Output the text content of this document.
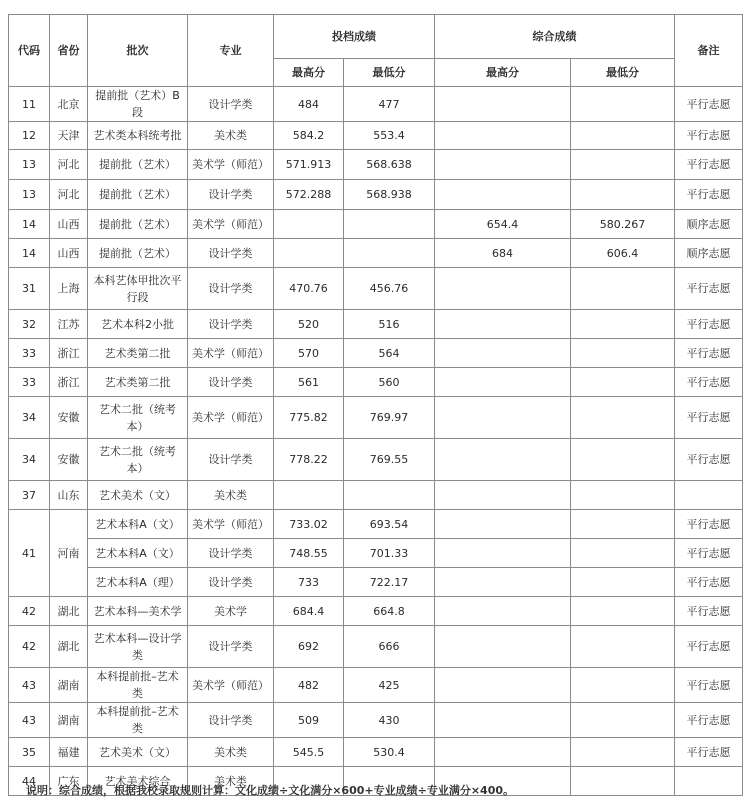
代码	省份	批次	专业	投档成绩		综合成绩		备注
				最高分	最低分	最高分	最低分	
11	北京	提前批（艺术）B段	设计学类	484	477			平行志愿
12	天津	艺术类本科统考批	美术类	584.2	553.4			平行志愿
13	河北	提前批（艺术）	美术学（师范）	571.913	568.638			平行志愿
13	河北	提前批（艺术）	设计学类	572.288	568.938			平行志愿
14	山西	提前批（艺术）	美术学（师范）			654.4	580.267	顺序志愿
14	山西	提前批（艺术）	设计学类			684	606.4	顺序志愿
31	上海	本科艺体甲批次平行段	设计学类	470.76	456.76			平行志愿
32	江苏	艺术本科2小批	设计学类	520	516			平行志愿
33	浙江	艺术类第二批	美术学（师范）	570	564			平行志愿
33	浙江	艺术类第二批	设计学类	561	560			平行志愿
34	安徽	艺术二批（统考本）	美术学（师范）	775.82	769.97			平行志愿
34	安徽	艺术二批（统考本）	设计学类	778.22	769.55			平行志愿
37	山东	艺术美术（文）	美术类					
41	河南	艺术本科A（文）	美术学（师范）	733.02	693.54			平行志愿
		艺术本科A（文）	设计学类	748.55	701.33			平行志愿
		艺术本科A（理）	设计学类	733	722.17			平行志愿
42	湖北	艺术本科—美术学	美术学	684.4	664.8			平行志愿
42	湖北	艺术本科—设计学类	设计学类	692	666			平行志愿
43	湖南	本科提前批–艺术类	美术学（师范）	482	425			平行志愿
43	湖南	本科提前批–艺术类	设计学类	509	430			平行志愿
35	福建	艺术美术（文）	美术类	545.5	530.4			平行志愿
44	广东	艺术美术综合	美术类					
说明：综合成绩，根据我校录取规则计算：文化成绩÷文化满分×600+专业成绩÷专业满分×400。
